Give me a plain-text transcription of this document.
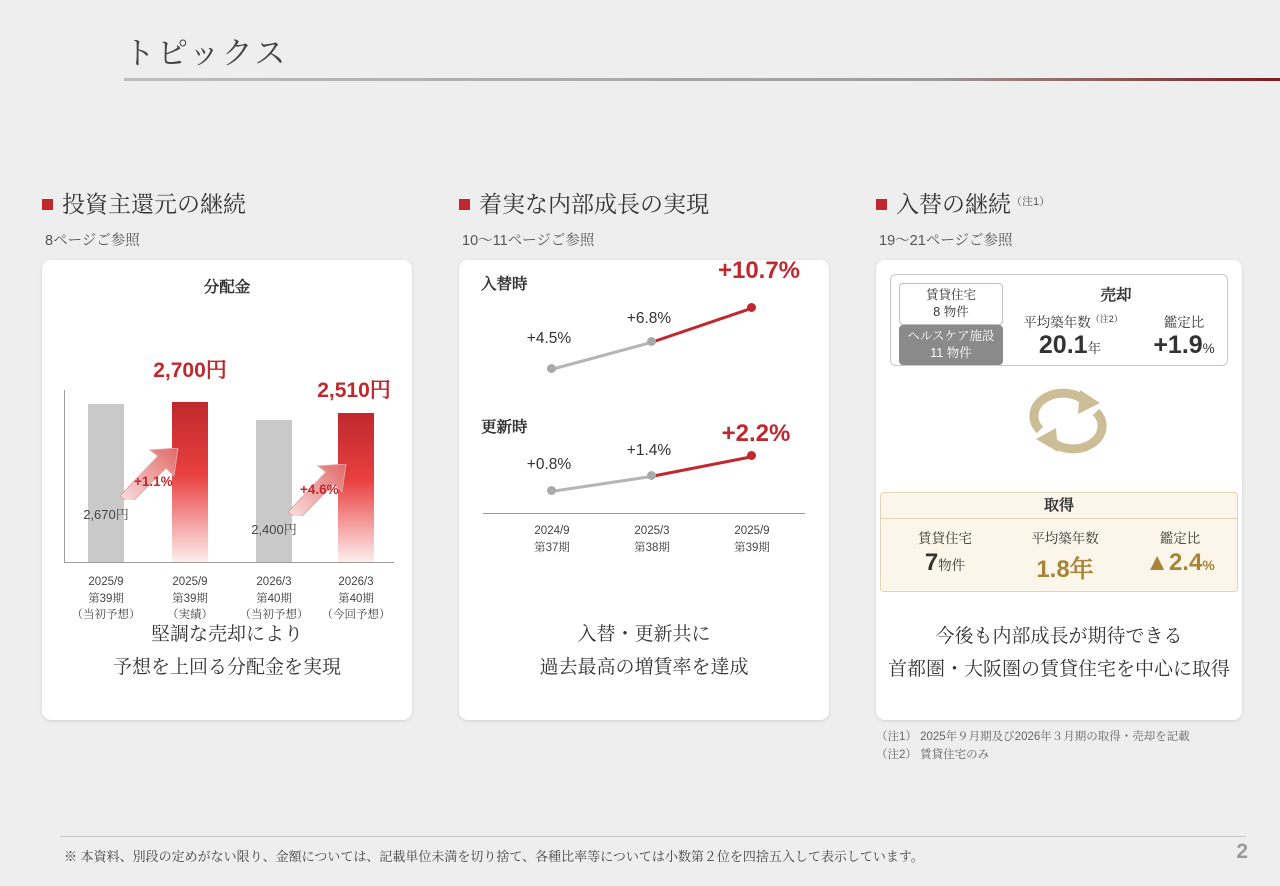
トピックス
投資主還元の継続
8ページご参照
着実な内部成長の実現
10〜11ページご参照
入替の継続$^{(注1)}$
19〜21ページご参照
分配金
2,670円
2,400円
2,700円
2,510円
+1.1%
+4.6%
2025/9
第39期
（当初予想）
2025/9
第39期
（実績）
2026/3
第40期
（当初予想）
2026/3
第40期
（今回予想）
堅調な売却により
予想を上回る分配金を実現
入替時
+4.5%
+6.8%
+10.7%
更新時
+0.8%
+1.4%
+2.2%
2024/9
第37期
2025/3
第38期
2025/9
第39期
入替・更新共に
過去最高の増賃率を達成
賃貸住宅
8 物件
ヘルスケア施設
11 物件
売却
平均築年数$^{(注2)}$	鑑定比
20.1年	+1.9%
取得
賃貸住宅	平均築年数	鑑定比
7物件	1.8年	▲2.4%
今後も内部成長が期待できる
首都圏・大阪圏の賃貸住宅を中心に取得
（注1） 2025年９月期及び2026年３月期の取得・売却を記載
（注2） 賃貸住宅のみ
※ 本資料、別段の定めがない限り、金額については、記載単位未満を切り捨て、各種比率等については小数第２位を四捨五入して表示しています。	2
